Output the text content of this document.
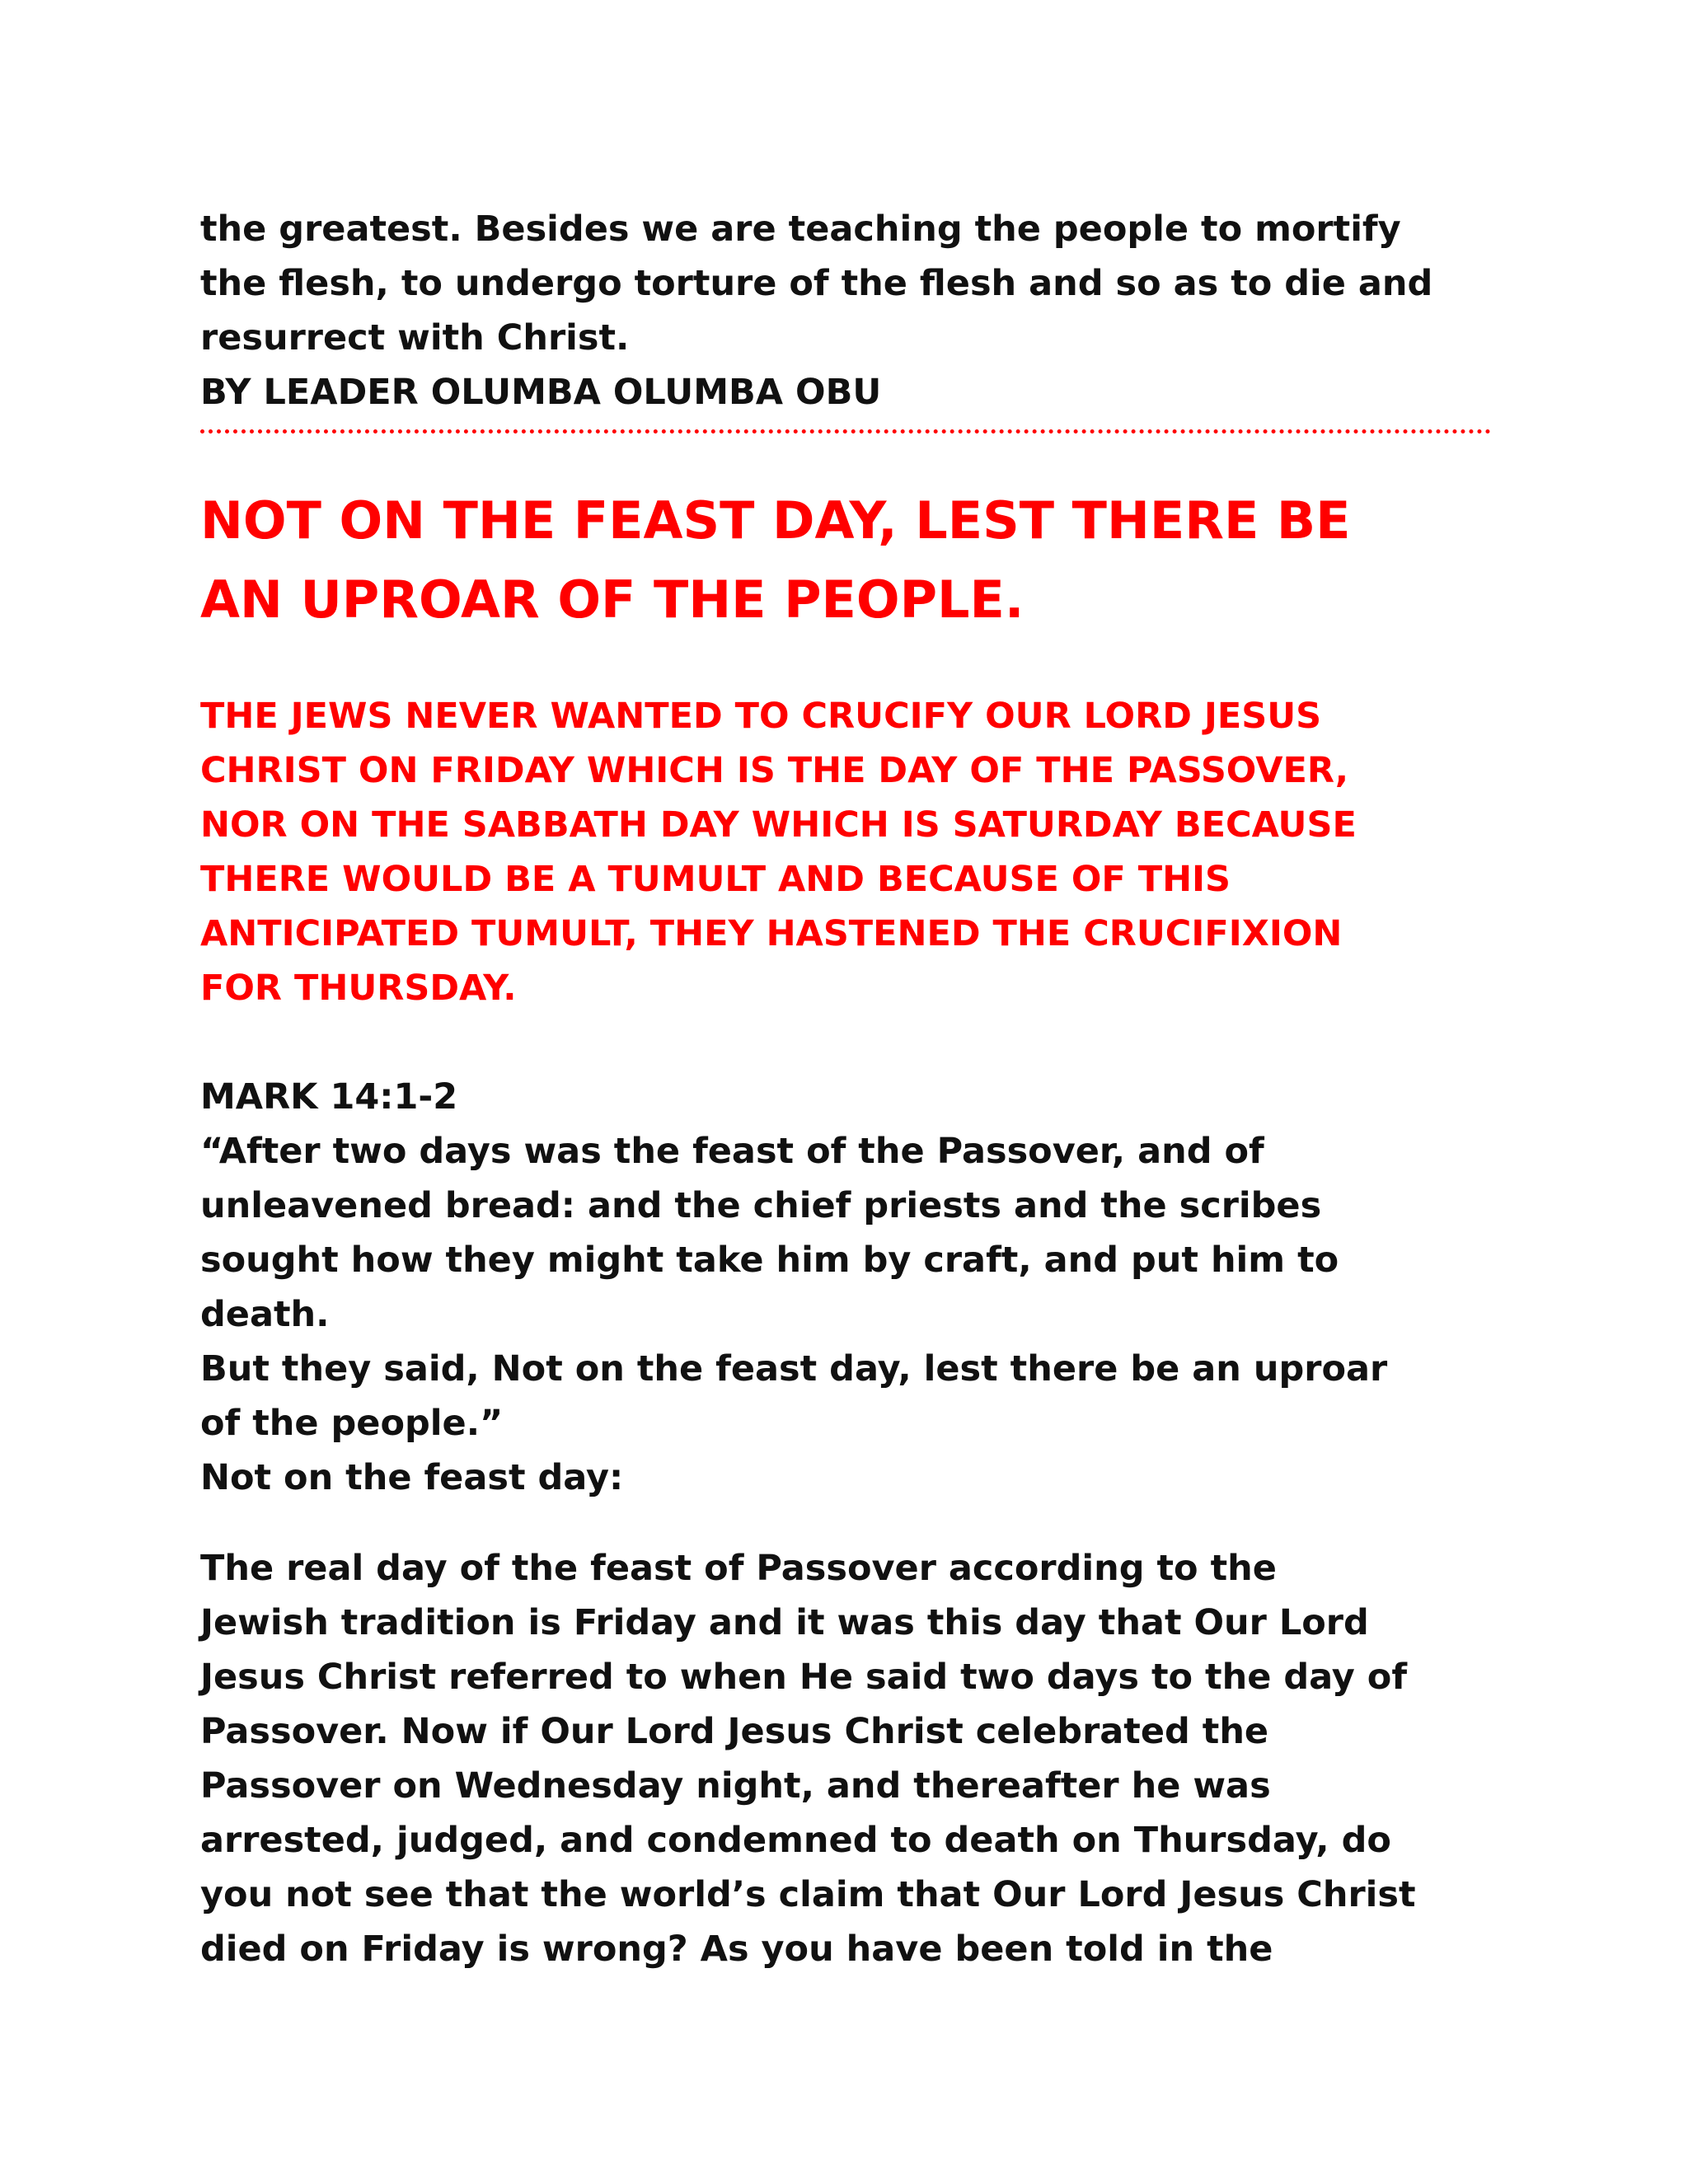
the greatest. Besides we are teaching the people to mortify
the flesh, to undergo torture of the flesh and so as to die and
resurrect with Christ.
BY LEADER OLUMBA OLUMBA OBU
NOT ON THE FEAST DAY, LEST THERE BE
AN UPROAR OF THE PEOPLE.
THE JEWS NEVER WANTED TO CRUCIFY OUR LORD JESUS
CHRIST ON FRIDAY WHICH IS THE DAY OF THE PASSOVER,
NOR ON THE SABBATH DAY WHICH IS SATURDAY BECAUSE
THERE WOULD BE A TUMULT AND BECAUSE OF THIS
ANTICIPATED TUMULT, THEY HASTENED THE CRUCIFIXION
FOR THURSDAY.
MARK 14:1-2
“After two days was the feast of the Passover, and of
unleavened bread: and the chief priests and the scribes
sought how they might take him by craft, and put him to
death.
But they said, Not on the feast day, lest there be an uproar
of the people.”
Not on the feast day:
The real day of the feast of Passover according to the
Jewish tradition is Friday and it was this day that Our Lord
Jesus Christ referred to when He said two days to the day of
Passover. Now if Our Lord Jesus Christ celebrated the
Passover on Wednesday night, and thereafter he was
arrested, judged, and condemned to death on Thursday, do
you not see that the world’s claim that Our Lord Jesus Christ
died on Friday is wrong? As you have been told in the
